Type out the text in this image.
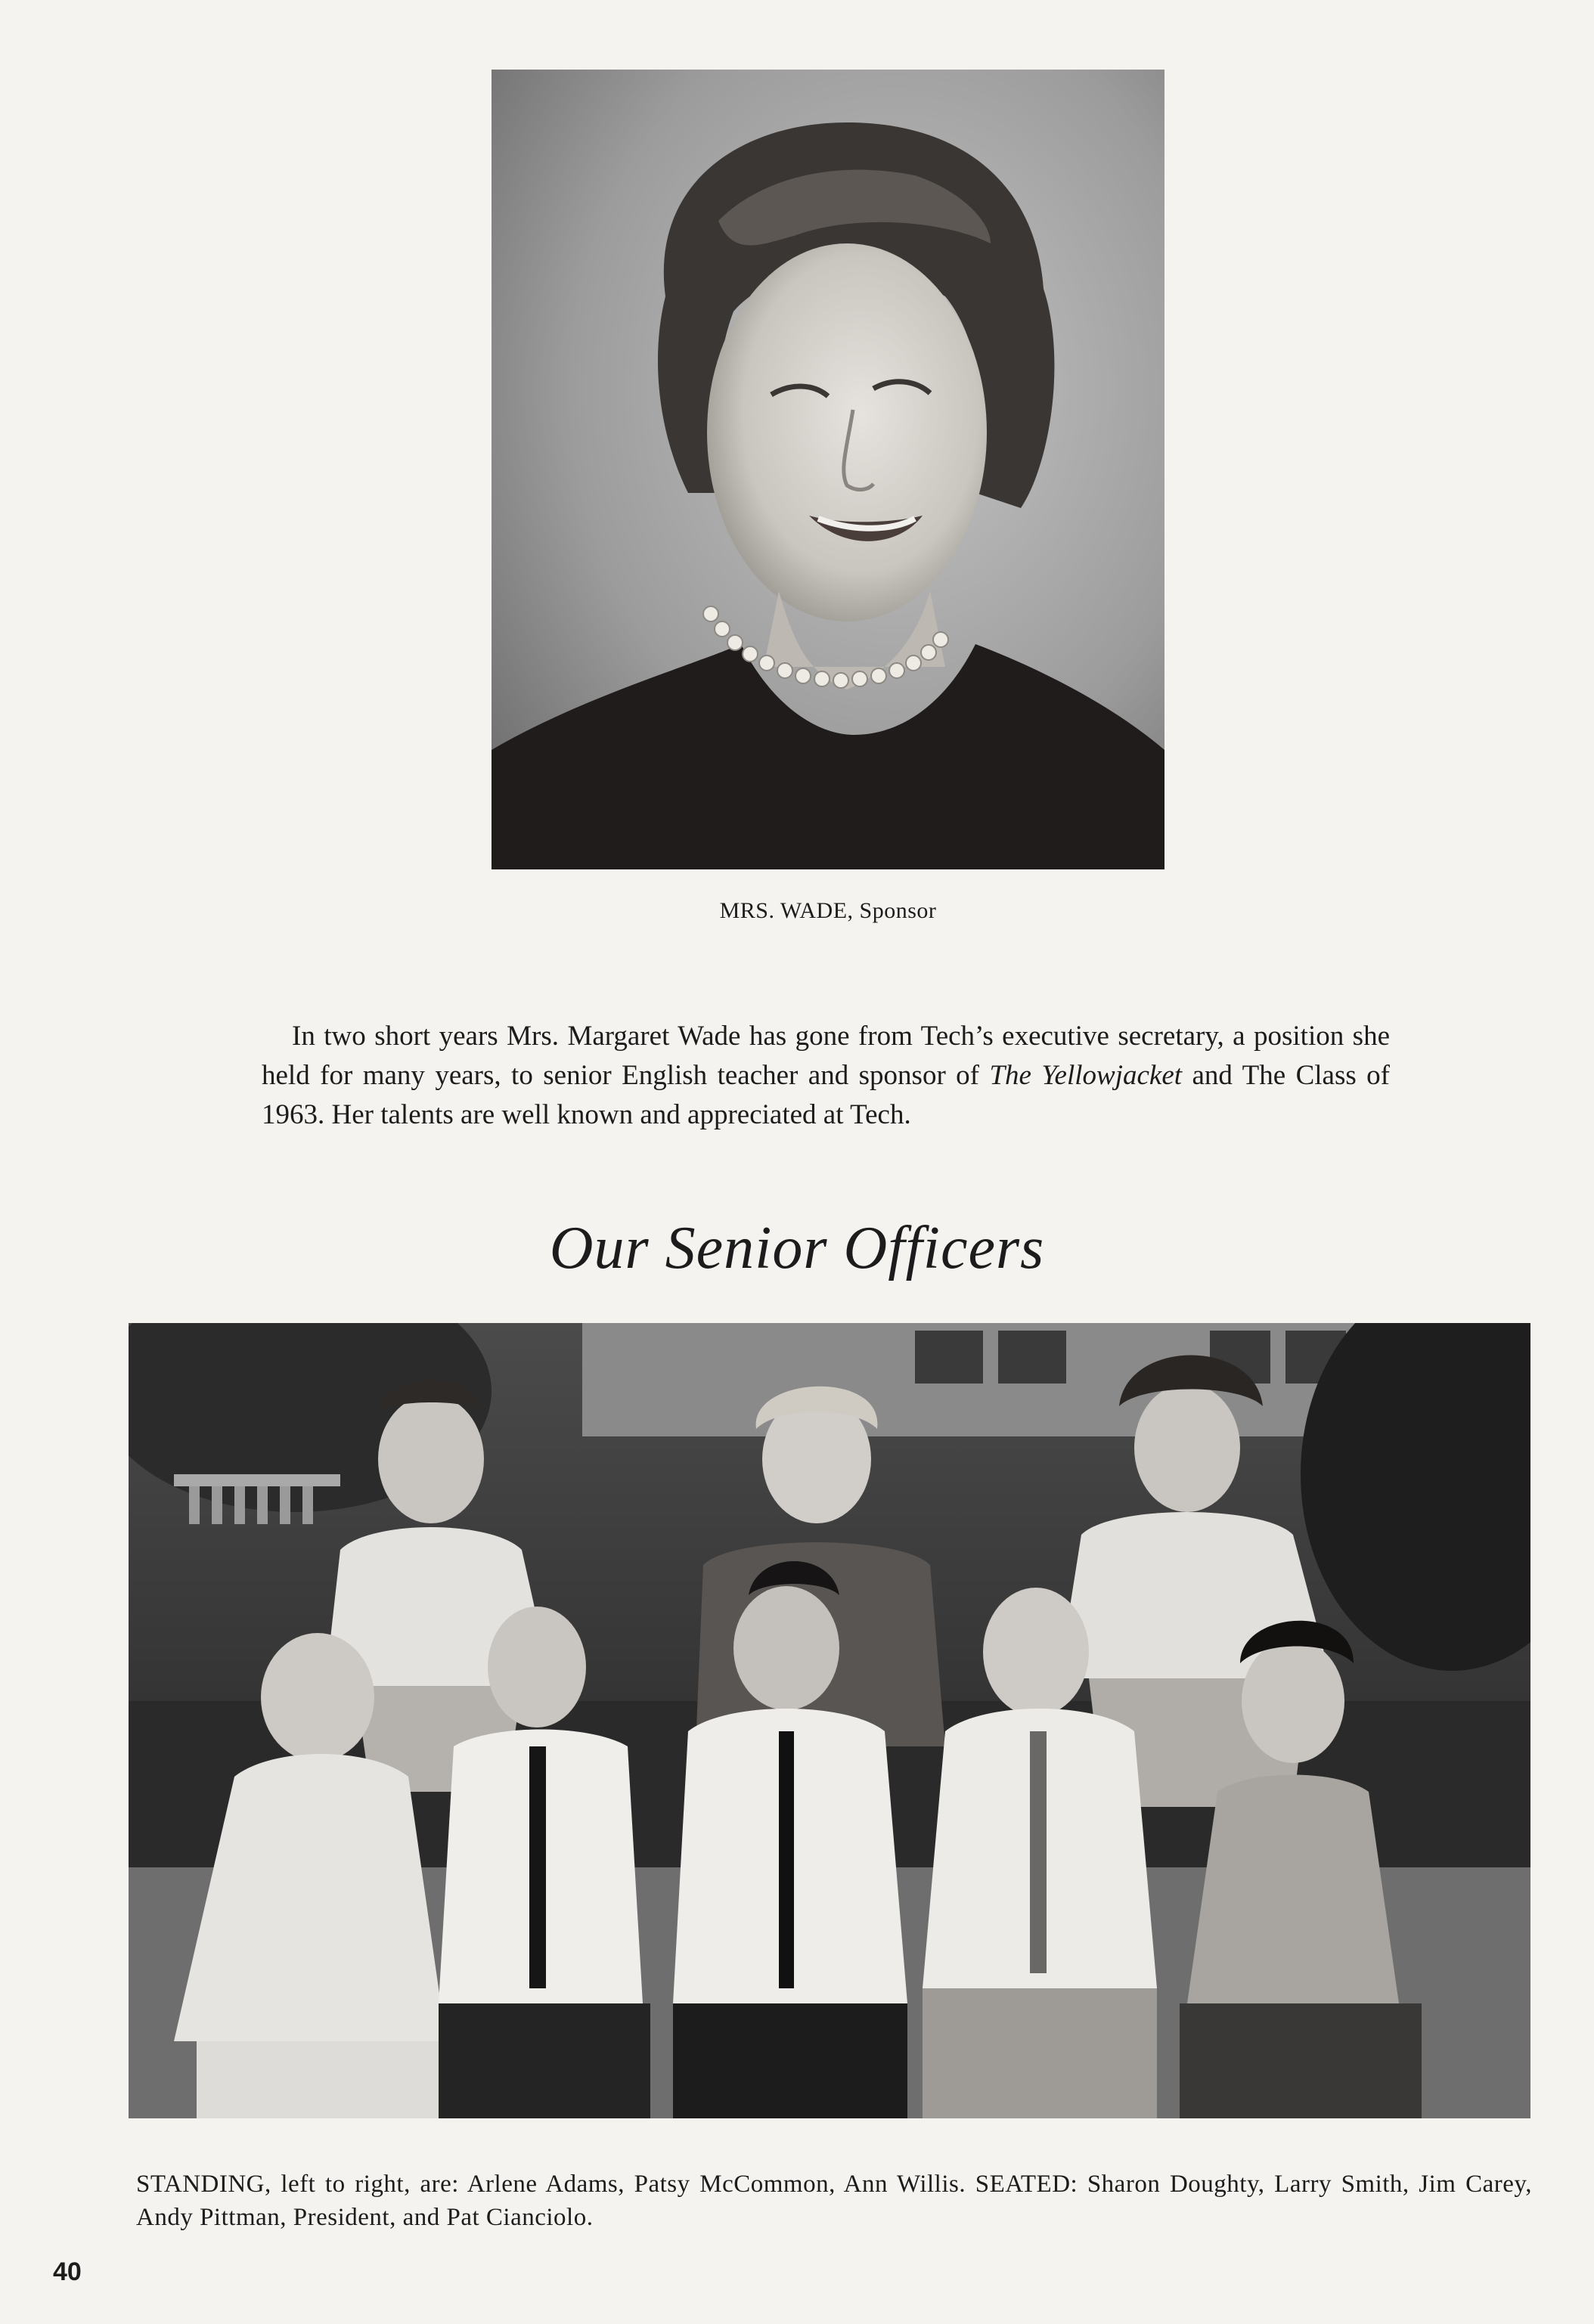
MRS. WADE, Sponsor

In two short years Mrs. Margaret Wade has gone from Tech’s executive secretary, a position she held for many years, to senior English teacher and sponsor of The Yellowjacket and The Class of 1963. Her talents are well known and appreciated at Tech.

Our Senior Officers

STANDING, left to right, are: Arlene Adams, Patsy McCommon, Ann Willis. SEATED: Sharon Doughty, Larry Smith, Jim Carey, Andy Pittman, President, and Pat Cianciolo.

40
